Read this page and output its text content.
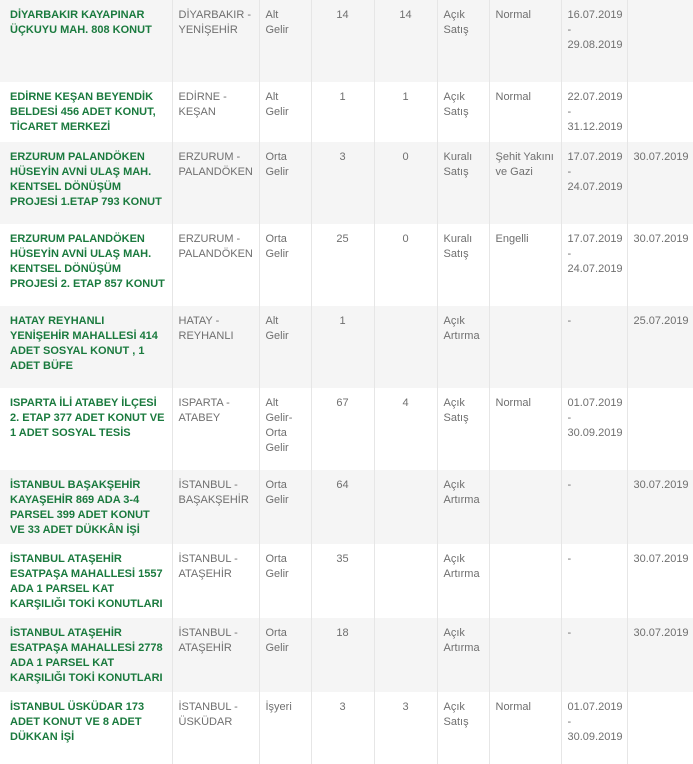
DİYARBAKIR KAYAPINAR ÜÇKUYU MAH. 808 KONUT	DİYARBAKIR - YENİŞEHİR	Alt Gelir	14	14	Açık Satış	Normal	16.07.2019 - 29.08.2019	
EDİRNE KEŞAN BEYENDİK BELDESİ 456 ADET KONUT, TİCARET MERKEZİ	EDİRNE - KEŞAN	Alt Gelir	1	1	Açık Satış	Normal	22.07.2019 - 31.12.2019	
ERZURUM PALANDÖKEN HÜSEYİN AVNİ ULAŞ MAH. KENTSEL DÖNÜŞÜM PROJESİ 1.ETAP 793 KONUT	ERZURUM - PALANDÖKEN	Orta Gelir	3	0	Kuralı Satış	Şehit Yakını ve Gazi	17.07.2019 - 24.07.2019	30.07.2019
ERZURUM PALANDÖKEN HÜSEYİN AVNİ ULAŞ MAH. KENTSEL DÖNÜŞÜM PROJESİ 2. ETAP 857 KONUT	ERZURUM - PALANDÖKEN	Orta Gelir	25	0	Kuralı Satış	Engelli	17.07.2019 - 24.07.2019	30.07.2019
HATAY REYHANLI YENİŞEHİR MAHALLESİ 414 ADET SOSYAL KONUT , 1 ADET BÜFE	HATAY - REYHANLI	Alt Gelir	1		Açık Artırma		-	25.07.2019
ISPARTA İLİ ATABEY İLÇESİ 2. ETAP 377 ADET KONUT VE 1 ADET SOSYAL TESİS	ISPARTA - ATABEY	Alt Gelir-Orta Gelir	67	4	Açık Satış	Normal	01.07.2019 - 30.09.2019	
İSTANBUL BAŞAKŞEHİR KAYAŞEHİR 869 ADA 3-4 PARSEL 399 ADET KONUT VE 33 ADET DÜKKÂN İŞİ	İSTANBUL - BAŞAKŞEHİR	Orta Gelir	64		Açık Artırma		-	30.07.2019
İSTANBUL ATAŞEHİR ESATPAŞA MAHALLESİ 1557 ADA 1 PARSEL KAT KARŞILIĞI TOKİ KONUTLARI	İSTANBUL - ATAŞEHİR	Orta Gelir	35		Açık Artırma		-	30.07.2019
İSTANBUL ATAŞEHİR ESATPAŞA MAHALLESİ 2778 ADA 1 PARSEL KAT KARŞILIĞI TOKİ KONUTLARI	İSTANBUL - ATAŞEHİR	Orta Gelir	18		Açık Artırma		-	30.07.2019
İSTANBUL ÜSKÜDAR 173 ADET KONUT VE 8 ADET DÜKKAN İŞİ	İSTANBUL - ÜSKÜDAR	İşyeri	3	3	Açık Satış	Normal	01.07.2019 - 30.09.2019	
